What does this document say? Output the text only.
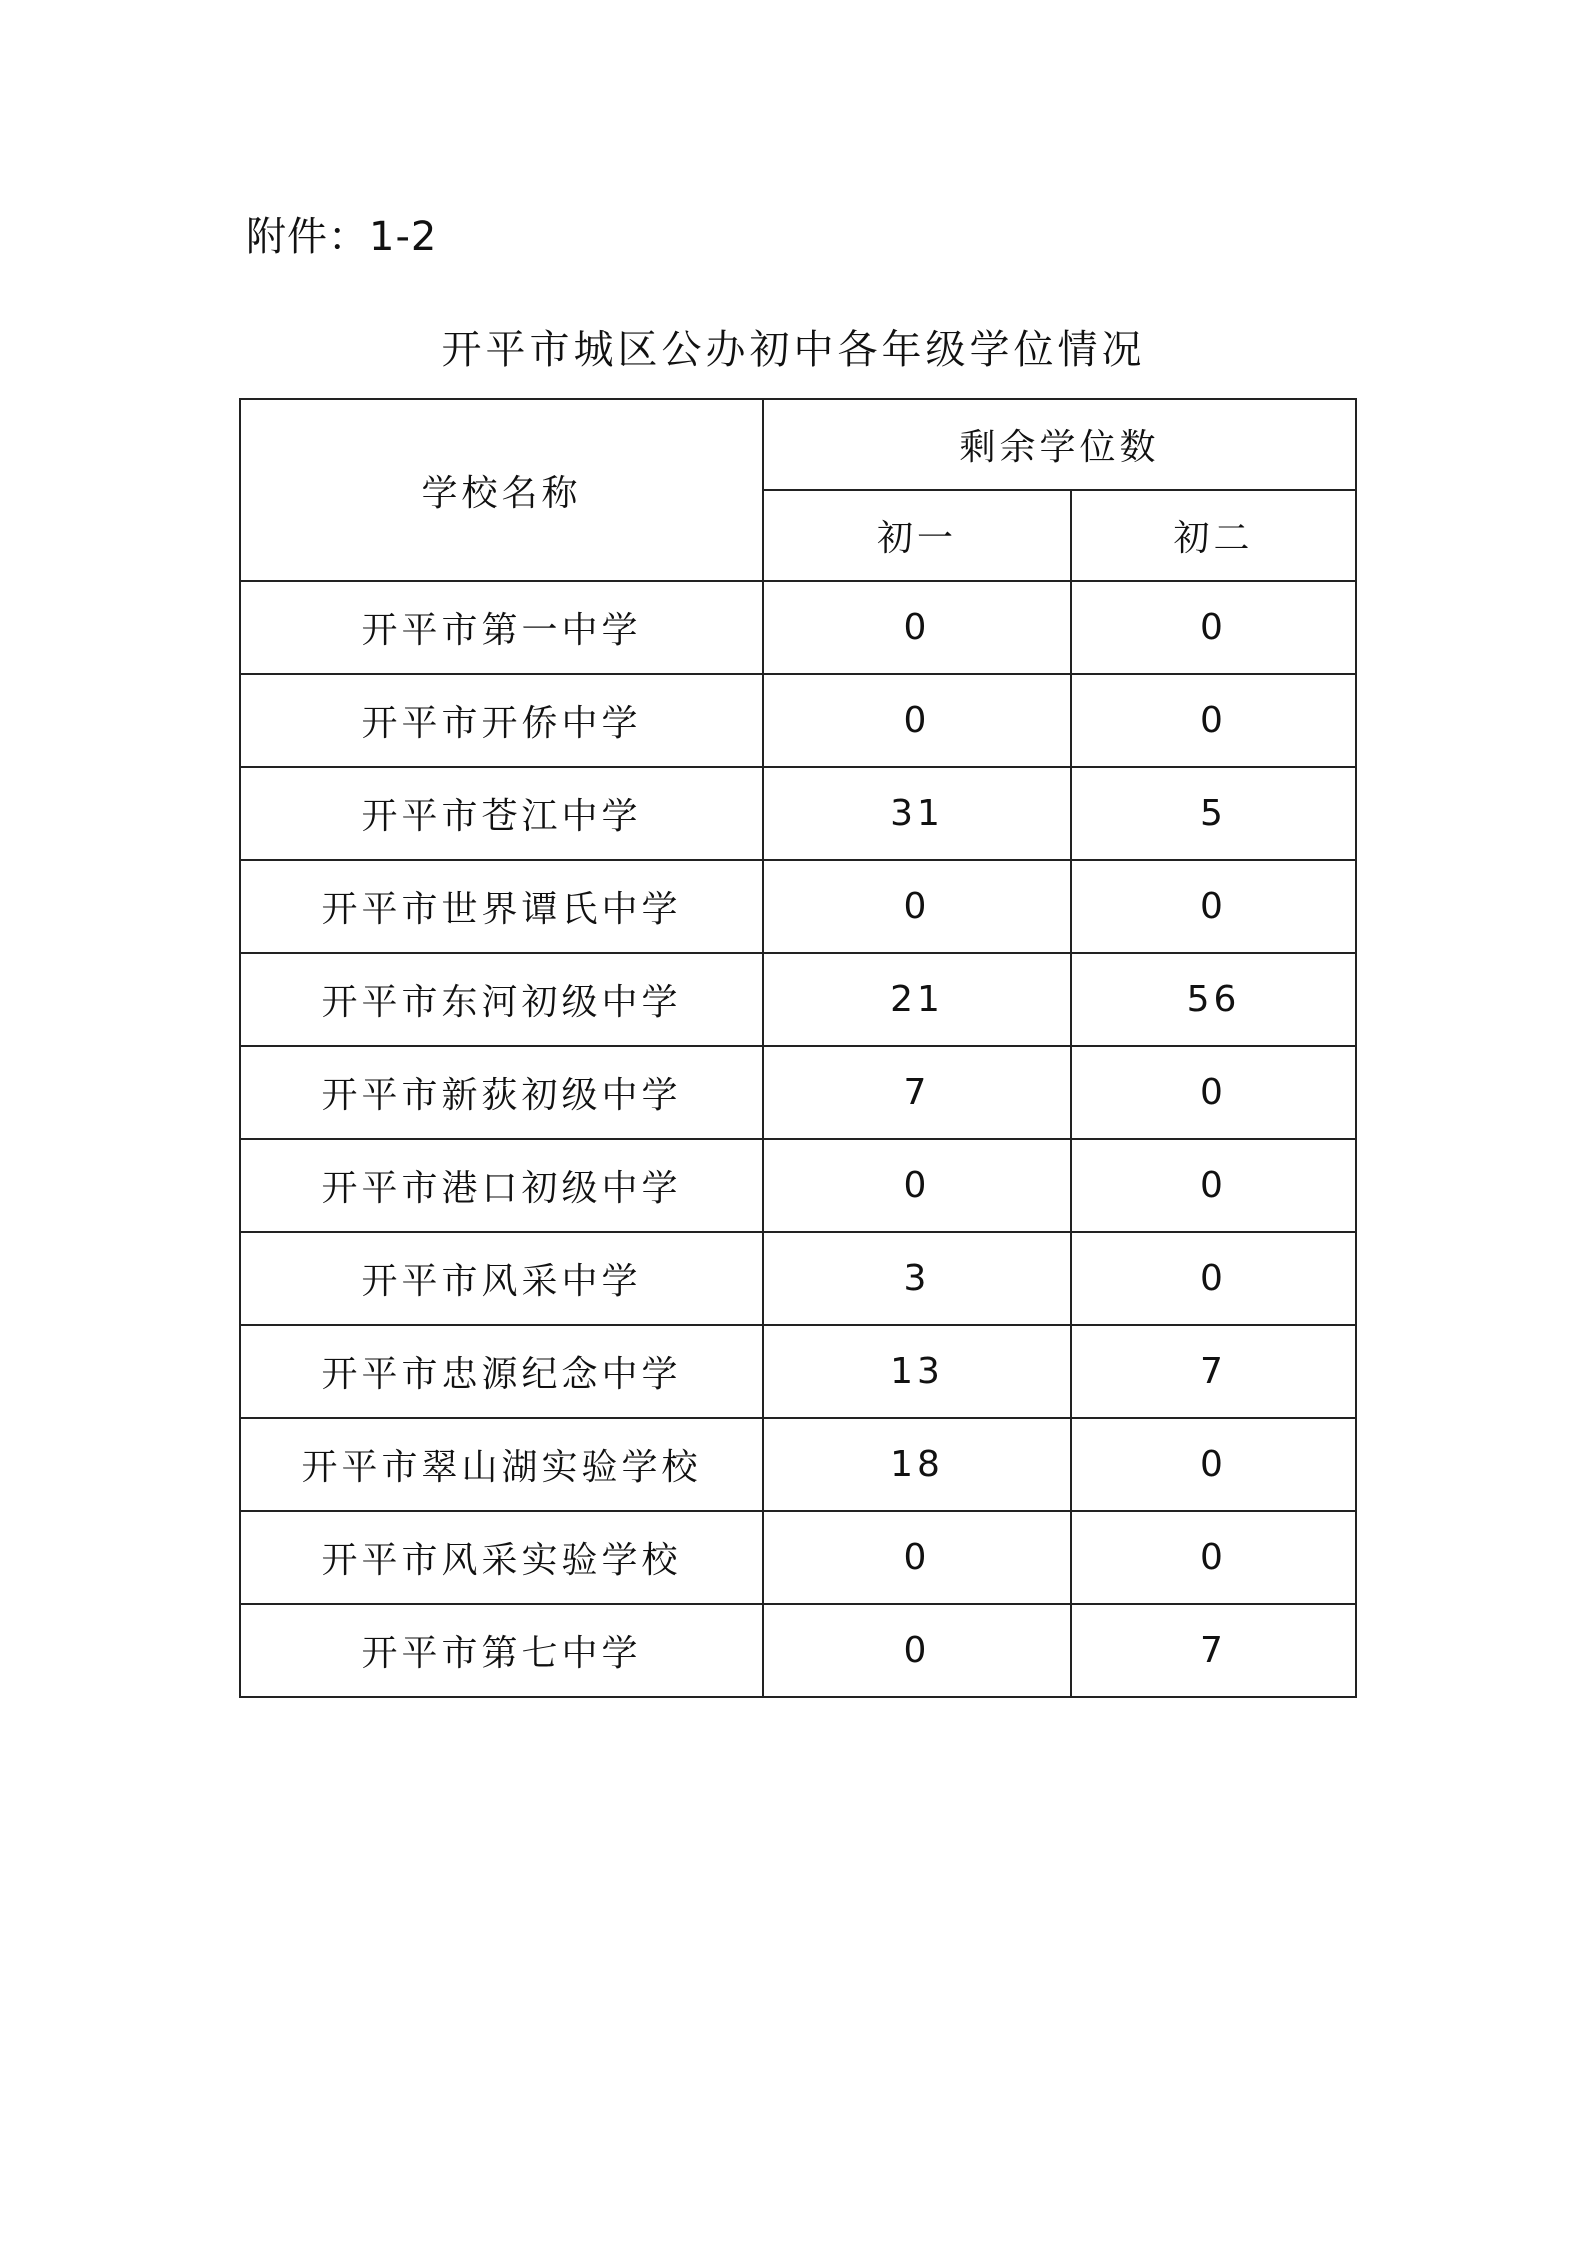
附件：1-2
开平市城区公办初中各年级学位情况
学校名称	剩余学位数	
	初一	初二
开平市第一中学	0	0
开平市开侨中学	0	0
开平市苍江中学	31	5
开平市世界谭氏中学	0	0
开平市东河初级中学	21	56
开平市新荻初级中学	7	0
开平市港口初级中学	0	0
开平市风采中学	3	0
开平市忠源纪念中学	13	7
开平市翠山湖实验学校	18	0
开平市风采实验学校	0	0
开平市第七中学	0	7
